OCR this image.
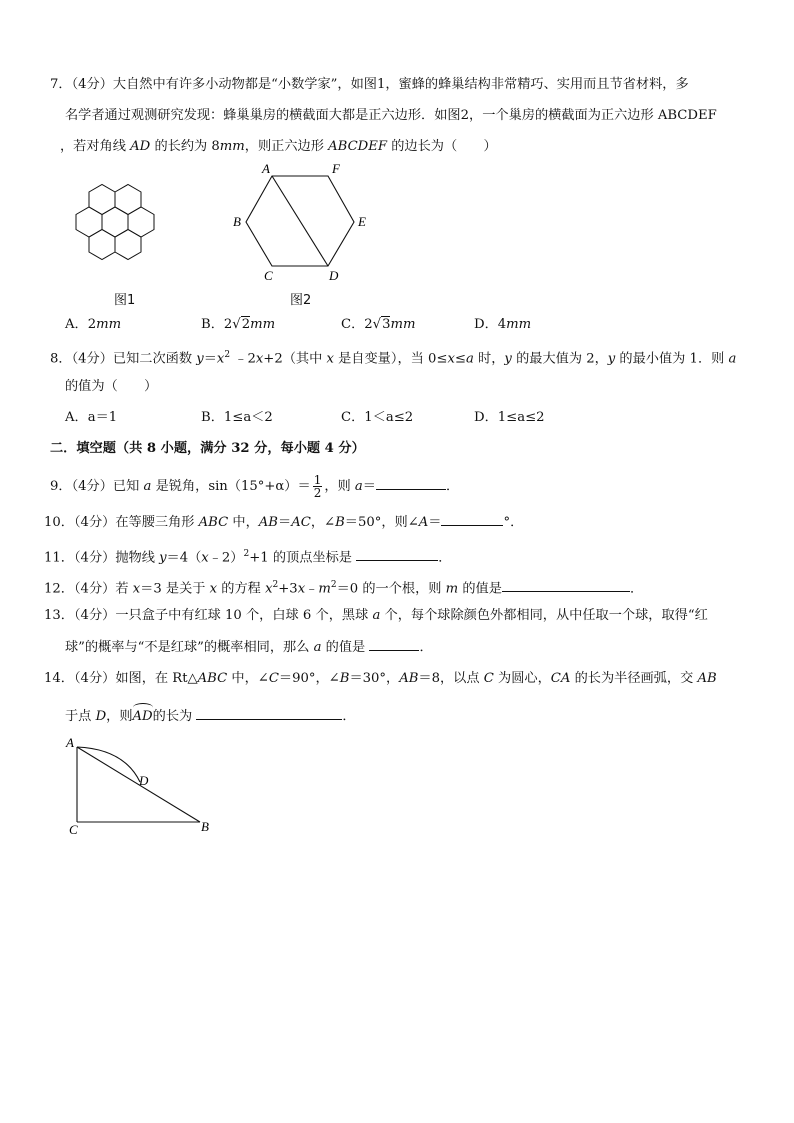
7．（4分）大自然中有许多小动物都是“小数学家”，如图1，蜜蜂的蜂巢结构非常精巧、实用而且节省材料，多
名学者通过观测研究发现：蜂巢巢房的横截面大都是正六边形．如图2，一个巢房的横截面为正六边形 ABCDEF
，若对角线 AD 的长约为 8mm，则正六边形 ABCDEF 的边长为（　　）
图1
A	F
B	E
C	D
图2
A．2mm	B．2√2mm	C．2√3mm	D．4mm
8．（4分）已知二次函数 $y=x^2$ ﹣2x+2（其中 x 是自变量），当 0≤x≤a 时，y 的最大值为 2，y 的最小值为 1．则 a
的值为（　　）
A．a＝1	B．1≤a＜2	C．1＜a≤2	D．1≤a≤2
二．填空题（共 8 小题，满分 32 分，每小题 4 分）
9．（4分）已知 a 是锐角，$\sin(15^\circ+\alpha)= \frac{1}{2}$ ，则 a＝	．
10．（4分）在等腰三角形 ABC 中，AB＝AC，∠B＝50°，则∠A＝	°．
11．（4分）抛物线 y＝4（x﹣2）$^2$+1 的顶点坐标是	．
12．（4分）若 x＝3 是关于 x 的方程 $x^2+3x﹣m^2=0$ 的一个根，则 m 的值是	．
13．（4分）一只盒子中有红球 10 个，白球 6 个，黑球 a 个，每个球除颜色外都相同，从中任取一个球，取得“红
球”的概率与“不是红球”的概率相同，那么 a 的值是	．
14．（4分）如图，在 Rt△ABC 中，∠C＝90°，∠B＝30°，AB＝8，以点 C 为圆心，CA 的长为半径画弧，交 AB
于点 D，则AD的长为	．
A
D
C	B
